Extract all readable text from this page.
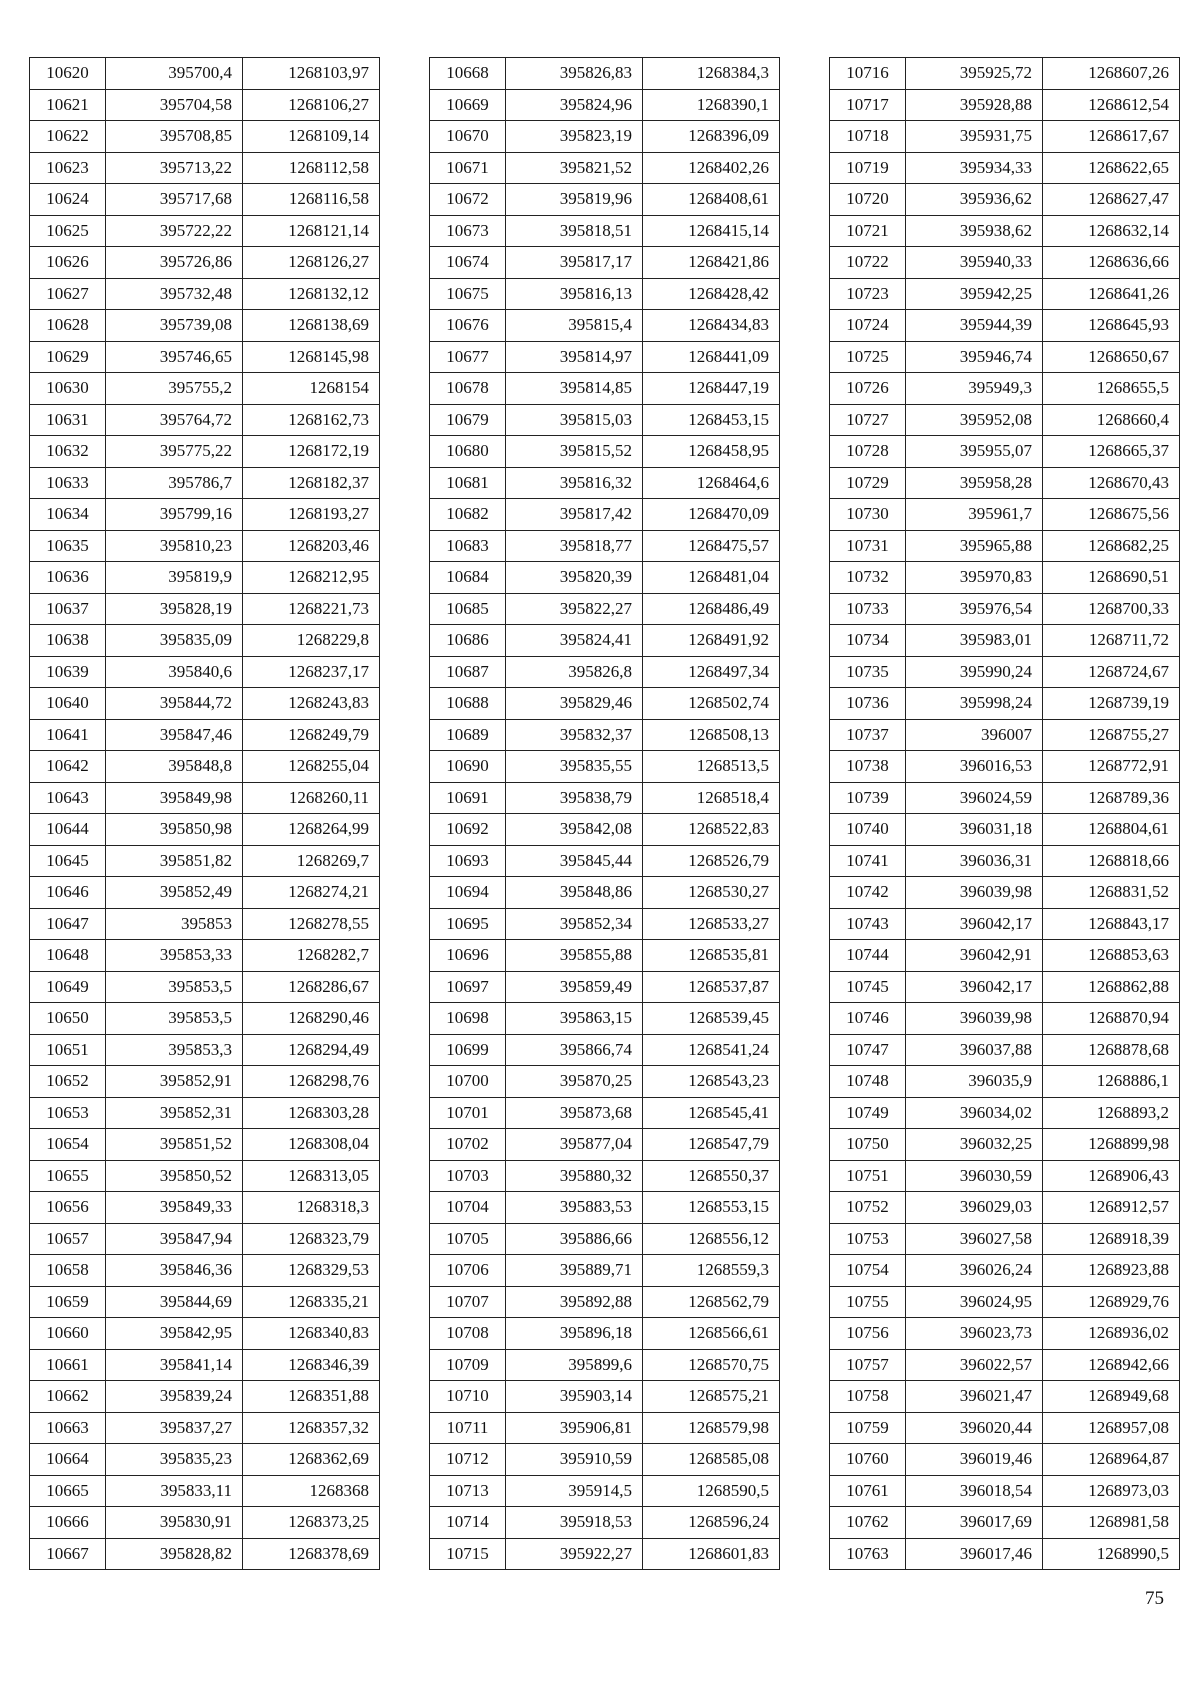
10620	395700,4	1268103,97
10621	395704,58	1268106,27
10622	395708,85	1268109,14
10623	395713,22	1268112,58
10624	395717,68	1268116,58
10625	395722,22	1268121,14
10626	395726,86	1268126,27
10627	395732,48	1268132,12
10628	395739,08	1268138,69
10629	395746,65	1268145,98
10630	395755,2	1268154
10631	395764,72	1268162,73
10632	395775,22	1268172,19
10633	395786,7	1268182,37
10634	395799,16	1268193,27
10635	395810,23	1268203,46
10636	395819,9	1268212,95
10637	395828,19	1268221,73
10638	395835,09	1268229,8
10639	395840,6	1268237,17
10640	395844,72	1268243,83
10641	395847,46	1268249,79
10642	395848,8	1268255,04
10643	395849,98	1268260,11
10644	395850,98	1268264,99
10645	395851,82	1268269,7
10646	395852,49	1268274,21
10647	395853	1268278,55
10648	395853,33	1268282,7
10649	395853,5	1268286,67
10650	395853,5	1268290,46
10651	395853,3	1268294,49
10652	395852,91	1268298,76
10653	395852,31	1268303,28
10654	395851,52	1268308,04
10655	395850,52	1268313,05
10656	395849,33	1268318,3
10657	395847,94	1268323,79
10658	395846,36	1268329,53
10659	395844,69	1268335,21
10660	395842,95	1268340,83
10661	395841,14	1268346,39
10662	395839,24	1268351,88
10663	395837,27	1268357,32
10664	395835,23	1268362,69
10665	395833,11	1268368
10666	395830,91	1268373,25
10667	395828,82	1268378,69
10668	395826,83	1268384,3
10669	395824,96	1268390,1
10670	395823,19	1268396,09
10671	395821,52	1268402,26
10672	395819,96	1268408,61
10673	395818,51	1268415,14
10674	395817,17	1268421,86
10675	395816,13	1268428,42
10676	395815,4	1268434,83
10677	395814,97	1268441,09
10678	395814,85	1268447,19
10679	395815,03	1268453,15
10680	395815,52	1268458,95
10681	395816,32	1268464,6
10682	395817,42	1268470,09
10683	395818,77	1268475,57
10684	395820,39	1268481,04
10685	395822,27	1268486,49
10686	395824,41	1268491,92
10687	395826,8	1268497,34
10688	395829,46	1268502,74
10689	395832,37	1268508,13
10690	395835,55	1268513,5
10691	395838,79	1268518,4
10692	395842,08	1268522,83
10693	395845,44	1268526,79
10694	395848,86	1268530,27
10695	395852,34	1268533,27
10696	395855,88	1268535,81
10697	395859,49	1268537,87
10698	395863,15	1268539,45
10699	395866,74	1268541,24
10700	395870,25	1268543,23
10701	395873,68	1268545,41
10702	395877,04	1268547,79
10703	395880,32	1268550,37
10704	395883,53	1268553,15
10705	395886,66	1268556,12
10706	395889,71	1268559,3
10707	395892,88	1268562,79
10708	395896,18	1268566,61
10709	395899,6	1268570,75
10710	395903,14	1268575,21
10711	395906,81	1268579,98
10712	395910,59	1268585,08
10713	395914,5	1268590,5
10714	395918,53	1268596,24
10715	395922,27	1268601,83
10716	395925,72	1268607,26
10717	395928,88	1268612,54
10718	395931,75	1268617,67
10719	395934,33	1268622,65
10720	395936,62	1268627,47
10721	395938,62	1268632,14
10722	395940,33	1268636,66
10723	395942,25	1268641,26
10724	395944,39	1268645,93
10725	395946,74	1268650,67
10726	395949,3	1268655,5
10727	395952,08	1268660,4
10728	395955,07	1268665,37
10729	395958,28	1268670,43
10730	395961,7	1268675,56
10731	395965,88	1268682,25
10732	395970,83	1268690,51
10733	395976,54	1268700,33
10734	395983,01	1268711,72
10735	395990,24	1268724,67
10736	395998,24	1268739,19
10737	396007	1268755,27
10738	396016,53	1268772,91
10739	396024,59	1268789,36
10740	396031,18	1268804,61
10741	396036,31	1268818,66
10742	396039,98	1268831,52
10743	396042,17	1268843,17
10744	396042,91	1268853,63
10745	396042,17	1268862,88
10746	396039,98	1268870,94
10747	396037,88	1268878,68
10748	396035,9	1268886,1
10749	396034,02	1268893,2
10750	396032,25	1268899,98
10751	396030,59	1268906,43
10752	396029,03	1268912,57
10753	396027,58	1268918,39
10754	396026,24	1268923,88
10755	396024,95	1268929,76
10756	396023,73	1268936,02
10757	396022,57	1268942,66
10758	396021,47	1268949,68
10759	396020,44	1268957,08
10760	396019,46	1268964,87
10761	396018,54	1268973,03
10762	396017,69	1268981,58
10763	396017,46	1268990,5
75
